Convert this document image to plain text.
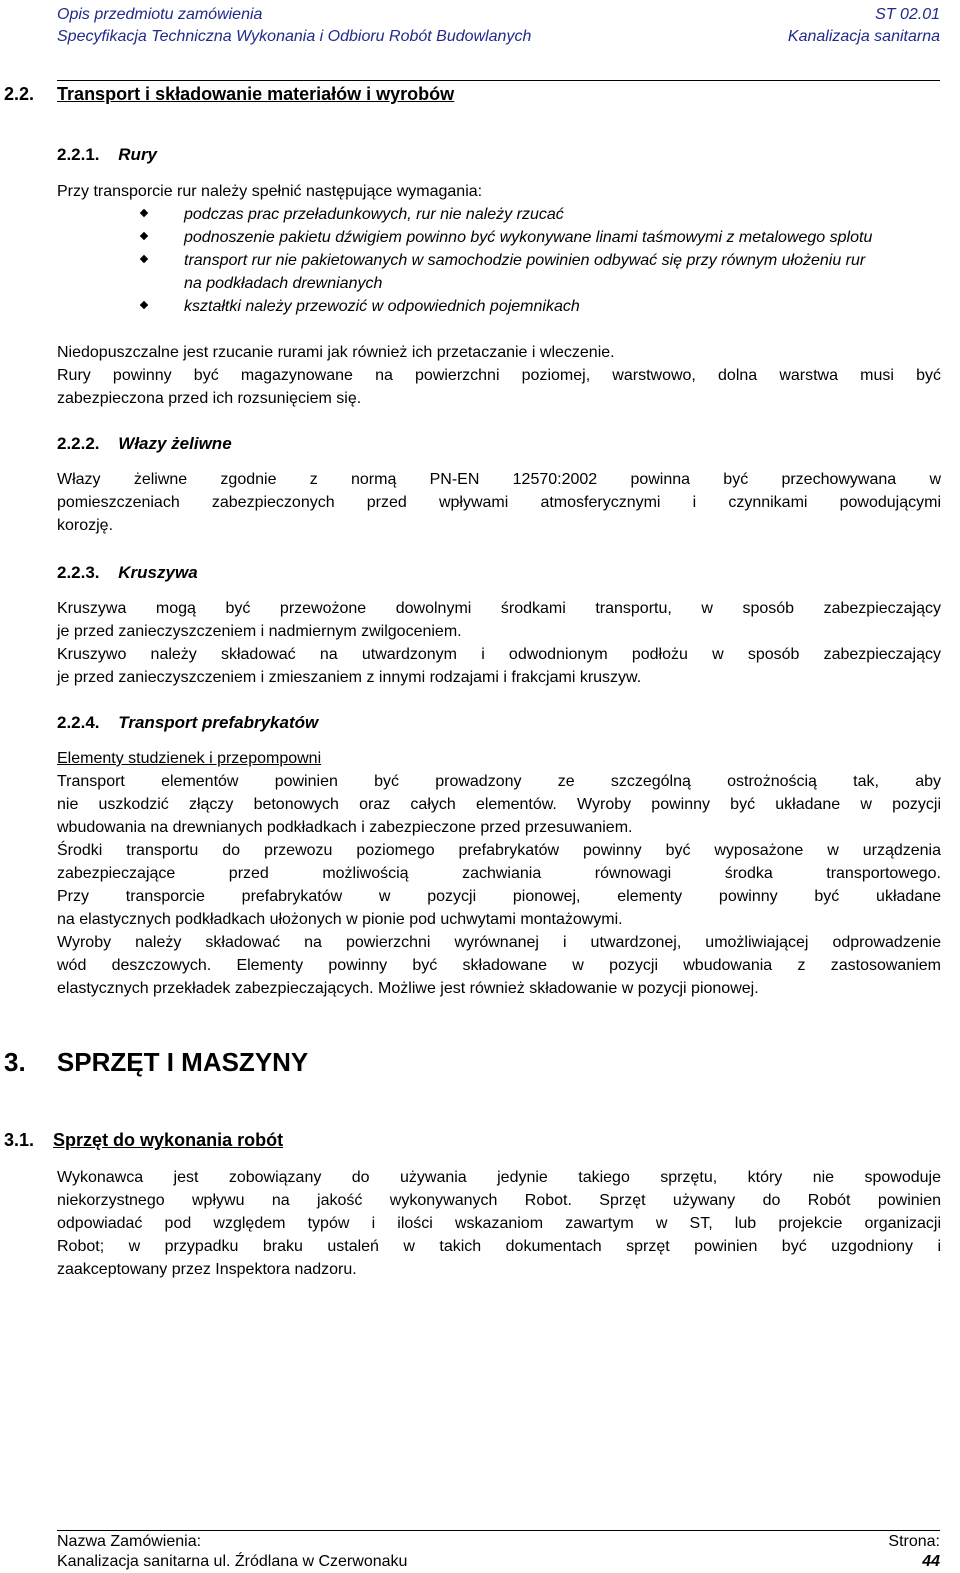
Opis przedmiotu zamówienia	ST 02.01
Specyfikacja Techniczna Wykonania i Odbioru Robót Budowlanych	Kanalizacja sanitarna
2.2. Transport i składowanie materiałów i wyrobów
2.2.1. Rury
Przy transporcie rur należy spełnić następujące wymagania:
podczas prac przeładunkowych, rur nie należy rzucać
podnoszenie pakietu dźwigiem powinno być wykonywane linami taśmowymi z metalowego splotu
transport rur nie pakietowanych w samochodzie powinien odbywać się przy równym ułożeniu rur na podkładach drewnianych
kształtki należy przewozić w odpowiednich pojemnikach
Niedopuszczalne jest rzucanie rurami jak również ich przetaczanie i wleczenie.
Rury powinny być magazynowane na powierzchni poziomej, warstwowo, dolna warstwa musi być
zabezpieczona przed ich rozsunięciem się.
2.2.2. Włazy żeliwne
Włazy żeliwne zgodnie z normą PN-EN 12570:2002 powinna być przechowywana w
pomieszczeniach zabezpieczonych przed wpływami atmosferycznymi i czynnikami powodującymi
korozję.
2.2.3. Kruszywa
Kruszywa mogą być przewożone dowolnymi środkami transportu, w sposób zabezpieczający
je przed zanieczyszczeniem i nadmiernym zwilgoceniem.
Kruszywo należy składować na utwardzonym i odwodnionym podłożu w sposób zabezpieczający
je przed zanieczyszczeniem i zmieszaniem z innymi rodzajami i frakcjami kruszyw.
2.2.4. Transport prefabrykatów
Elementy studzienek i przepompowni
Transport elementów powinien być prowadzony ze szczególną ostrożnością tak, aby
nie uszkodzić złączy betonowych oraz całych elementów. Wyroby powinny być układane w pozycji
wbudowania na drewnianych podkładkach i zabezpieczone przed przesuwaniem.
Środki transportu do przewozu poziomego prefabrykatów powinny być wyposażone w urządzenia
zabezpieczające przed możliwością zachwiania równowagi środka transportowego.
Przy transporcie prefabrykatów w pozycji pionowej, elementy powinny być układane
na elastycznych podkładkach ułożonych w pionie pod uchwytami montażowymi.
Wyroby należy składować na powierzchni wyrównanej i utwardzonej, umożliwiającej odprowadzenie
wód deszczowych. Elementy powinny być składowane w pozycji wbudowania z zastosowaniem
elastycznych przekładek zabezpieczających. Możliwe jest również składowanie w pozycji pionowej.
3. SPRZĘT I MASZYNY
3.1. Sprzęt do wykonania robót
Wykonawca jest zobowiązany do używania jedynie takiego sprzętu, który nie spowoduje
niekorzystnego wpływu na jakość wykonywanych Robot. Sprzęt używany do Robót powinien
odpowiadać pod względem typów i ilości wskazaniom zawartym w ST, lub projekcie organizacji
Robot; w przypadku braku ustaleń w takich dokumentach sprzęt powinien być uzgodniony i
zaakceptowany przez Inspektora nadzoru.
Nazwa Zamówienia:	Strona:
Kanalizacja sanitarna ul. Źródlana w Czerwonaku	44
